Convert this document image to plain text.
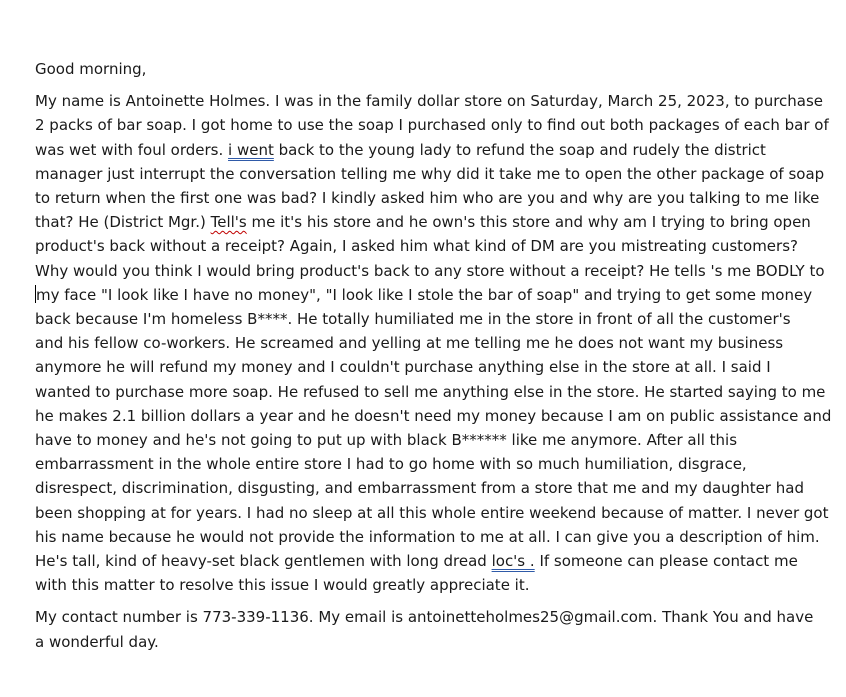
Good morning,

My name is Antoinette Holmes. I was in the family dollar store on Saturday, March 25, 2023, to purchase
2 packs of bar soap. I got home to use the soap I purchased only to find out both packages of each bar of
was wet with foul orders. i went back to the young lady to refund the soap and rudely the district
manager just interrupt the conversation telling me why did it take me to open the other package of soap
to return when the first one was bad? I kindly asked him who are you and why are you talking to me like
that? He (District Mgr.) Tell's me it's his store and he own's this store and why am I trying to bring open
product's back without a receipt? Again, I asked him what kind of DM are you mistreating customers?
Why would you think I would bring product's back to any store without a receipt? He tells 's me BODLY to
my face "I look like I have no money", "I look like I stole the bar of soap" and trying to get some money
back because I'm homeless B****. He totally humiliated me in the store in front of all the customer's
and his fellow co-workers. He screamed and yelling at me telling me he does not want my business
anymore he will refund my money and I couldn't purchase anything else in the store at all. I said I
wanted to purchase more soap. He refused to sell me anything else in the store. He started saying to me
he makes 2.1 billion dollars a year and he doesn't need my money because I am on public assistance and
have to money and he's not going to put up with black B****** like me anymore. After all this
embarrassment in the whole entire store I had to go home with so much humiliation, disgrace,
disrespect, discrimination, disgusting, and embarrassment from a store that me and my daughter had
been shopping at for years. I had no sleep at all this whole entire weekend because of matter. I never got
his name because he would not provide the information to me at all. I can give you a description of him.
He's tall, kind of heavy-set black gentlemen with long dread loc's . If someone can please contact me
with this matter to resolve this issue I would greatly appreciate it.

My contact number is 773-339-1136. My email is antoinetteholmes25@gmail.com. Thank You and have
a wonderful day.
